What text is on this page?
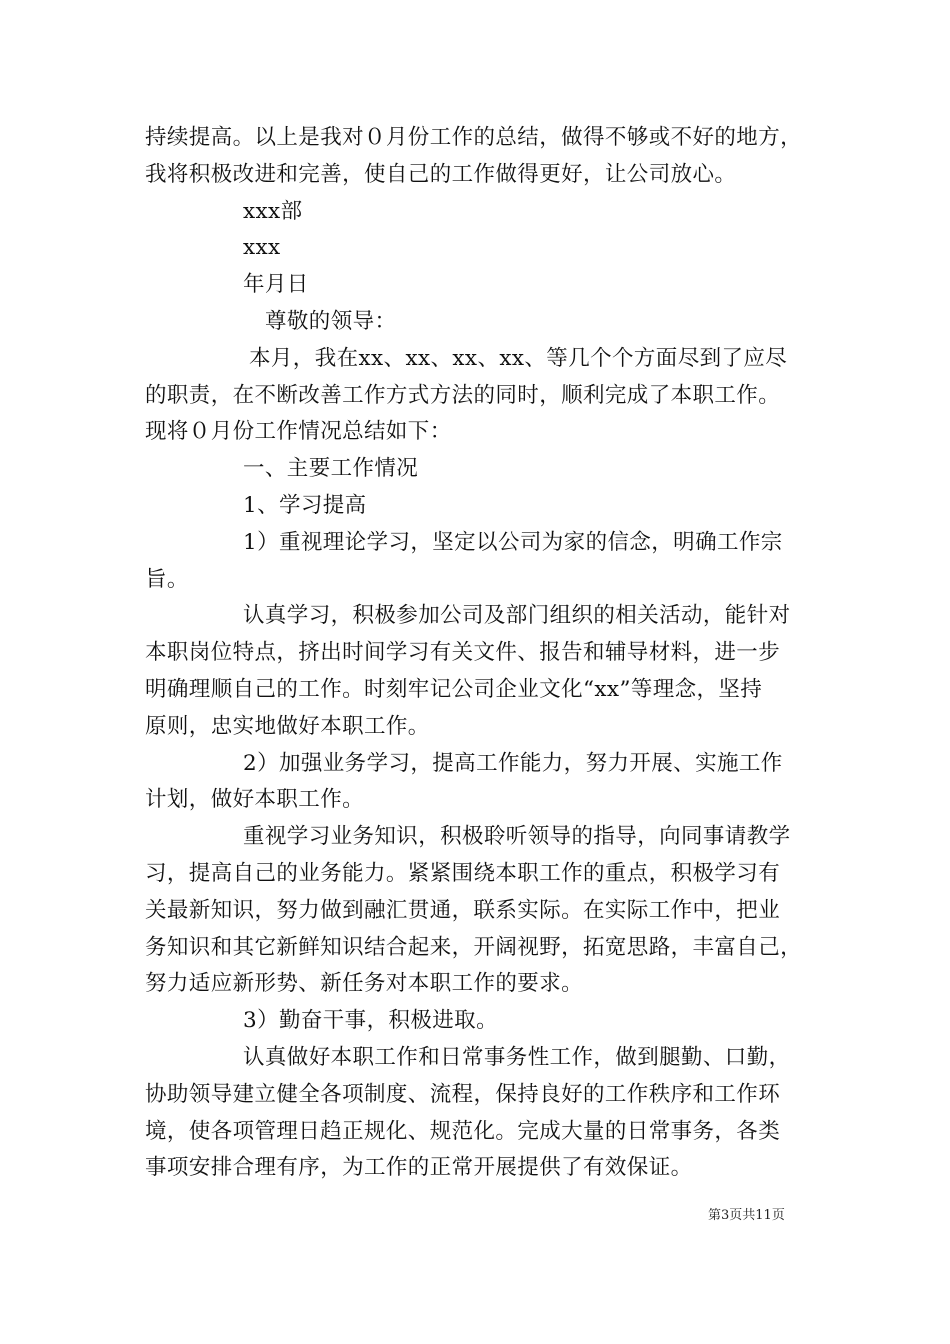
持续提高。以上是我对０月份工作的总结，做得不够或不好的地方，
我将积极改进和完善，使自己的工作做得更好，让公司放心。
xxx部
xxx
年月日
尊敬的领导：
本月，我在xx、xx、xx、xx、等几个个方面尽到了应尽
的职责，在不断改善工作方式方法的同时，顺利完成了本职工作。
现将０月份工作情况总结如下：
一、主要工作情况
1、学习提高
1）重视理论学习，坚定以公司为家的信念，明确工作宗
旨。
认真学习，积极参加公司及部门组织的相关活动，能针对
本职岗位特点，挤出时间学习有关文件、报告和辅导材料，进一步
明确理顺自己的工作。时刻牢记公司企业文化“xx”等理念，坚持
原则，忠实地做好本职工作。
2）加强业务学习，提高工作能力，努力开展、实施工作
计划，做好本职工作。
重视学习业务知识，积极聆听领导的指导，向同事请教学
习，提高自己的业务能力。紧紧围绕本职工作的重点，积极学习有
关最新知识，努力做到融汇贯通，联系实际。在实际工作中，把业
务知识和其它新鲜知识结合起来，开阔视野，拓宽思路，丰富自己，
努力适应新形势、新任务对本职工作的要求。
3）勤奋干事，积极进取。
认真做好本职工作和日常事务性工作，做到腿勤、口勤，
协助领导建立健全各项制度、流程，保持良好的工作秩序和工作环
境，使各项管理日趋正规化、规范化。完成大量的日常事务，各类
事项安排合理有序，为工作的正常开展提供了有效保证。
第3页共11页
